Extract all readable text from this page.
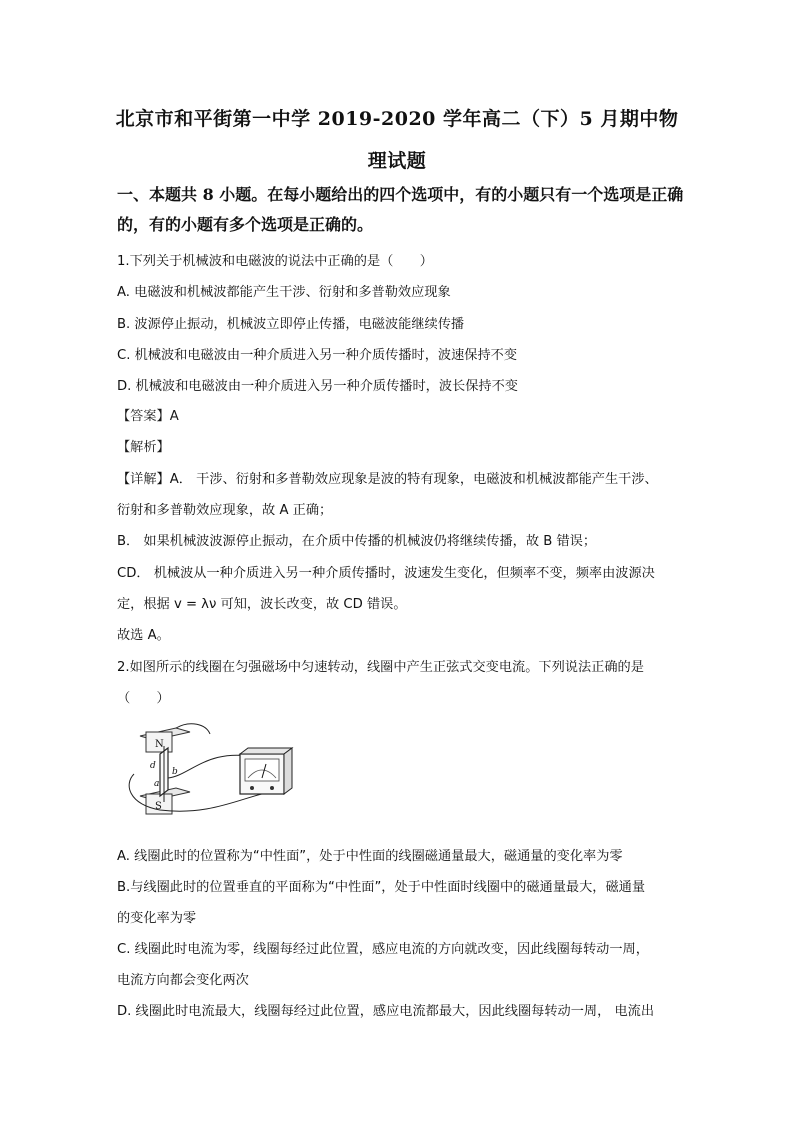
北京市和平街第一中学 2019-2020 学年高二（下）5 月期中物
理试题
一、本题共 8 小题。在每小题给出的四个选项中，有的小题只有一个选项是正确
的，有的小题有多个选项是正确的。
1.下列关于机械波和电磁波的说法中正确的是（　　）
A. 电磁波和机械波都能产生干涉、衍射和多普勒效应现象
B. 波源停止振动，机械波立即停止传播，电磁波能继续传播
C. 机械波和电磁波由一种介质进入另一种介质传播时，波速保持不变
D. 机械波和电磁波由一种介质进入另一种介质传播时，波长保持不变
【答案】A
【解析】
【详解】A． 干涉、衍射和多普勒效应现象是波的特有现象，电磁波和机械波都能产生干涉、
衍射和多普勒效应现象，故 A 正确；
B． 如果机械波波源停止振动，在介质中传播的机械波仍将继续传播，故 B 错误；
CD． 机械波从一种介质进入另一种介质传播时，波速发生变化，但频率不变，频率由波源决
定，根据 v = λν 可知，波长改变，故 CD 错误。
故选 A。
2.如图所示的线圈在匀强磁场中匀速转动，线圈中产生正弦式交变电流。下列说法正确的是
（　　）
N
S
b
d
a
A. 线圈此时的位置称为“中性面”，处于中性面的线圈磁通量最大，磁通量的变化率为零
B.与线圈此时的位置垂直的平面称为“中性面”，处于中性面时线圈中的磁通量最大，磁通量
的变化率为零
C. 线圈此时电流为零，线圈每经过此位置，感应电流的方向就改变，因此线圈每转动一周，
电流方向都会变化两次
D. 线圈此时电流最大，线圈每经过此位置，感应电流都最大，因此线圈每转动一周， 电流出
